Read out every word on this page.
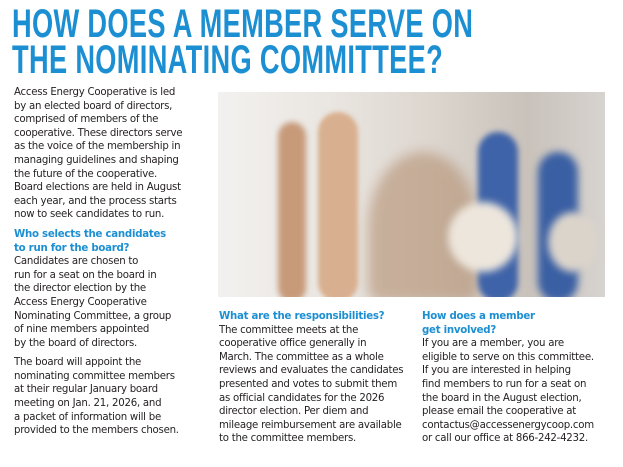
HOW DOES A MEMBER SERVE ON
THE NOMINATING COMMITTEE?
Access Energy Cooperative is led
by an elected board of directors,
comprised of members of the
cooperative. These directors serve
as the voice of the membership in
managing guidelines and shaping
the future of the cooperative.
Board elections are held in August
each year, and the process starts
now to seek candidates to run.
Who selects the candidates
to run for the board?
Candidates are chosen to
run for a seat on the board in
the director election by the
Access Energy Cooperative
Nominating Committee, a group
of nine members appointed
by the board of directors.
The board will appoint the
nominating committee members
at their regular January board
meeting on Jan. 21, 2026, and
a packet of information will be
provided to the members chosen.
What are the responsibilities?
The committee meets at the
cooperative office generally in
March. The committee as a whole
reviews and evaluates the candidates
presented and votes to submit them
as official candidates for the 2026
director election. Per diem and
mileage reimbursement are available
to the committee members.
How does a member
get involved?
If you are a member, you are
eligible to serve on this committee.
If you are interested in helping
find members to run for a seat on
the board in the August election,
please email the cooperative at
contactus@accessenergycoop.com
or call our office at 866-242-4232.
